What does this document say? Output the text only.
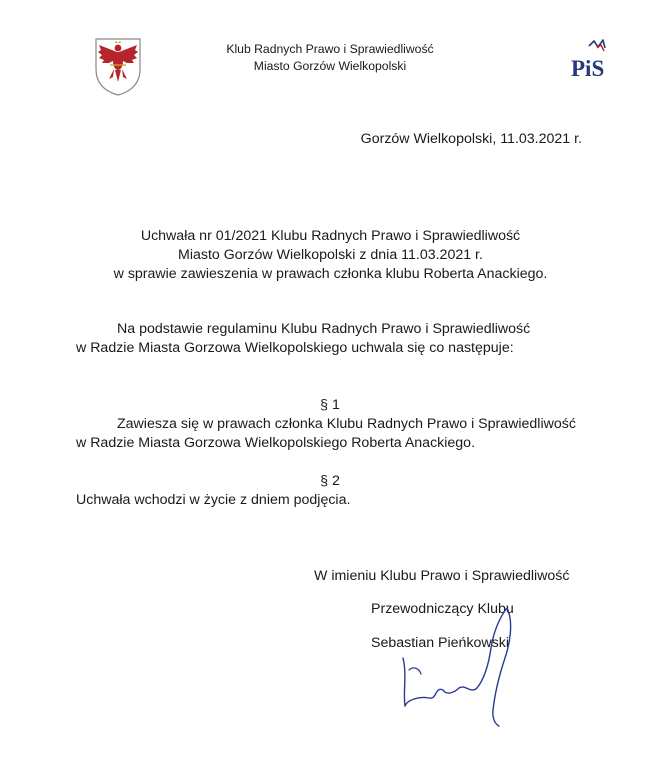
Klub Radnych Prawo i Sprawiedliwość
Miasto Gorzów Wielkopolski	PiS
Gorzów Wielkopolski, 11.03.2021 r.
Uchwała nr 01/2021 Klubu Radnych Prawo i Sprawiedliwość
Miasto Gorzów Wielkopolski z dnia 11.03.2021 r.
w sprawie zawieszenia w prawach członka klubu Roberta Anackiego.
Na podstawie regulaminu Klubu Radnych Prawo i Sprawiedliwość
w Radzie Miasta Gorzowa Wielkopolskiego uchwala się co następuje:
§ 1
Zawiesza się w prawach członka Klubu Radnych Prawo i Sprawiedliwość
w Radzie Miasta Gorzowa Wielkopolskiego Roberta Anackiego.
§ 2
Uchwała wchodzi w życie z dniem podjęcia.
W imieniu Klubu Prawo i Sprawiedliwość
Przewodniczący Klubu
Sebastian Pieńkowski
